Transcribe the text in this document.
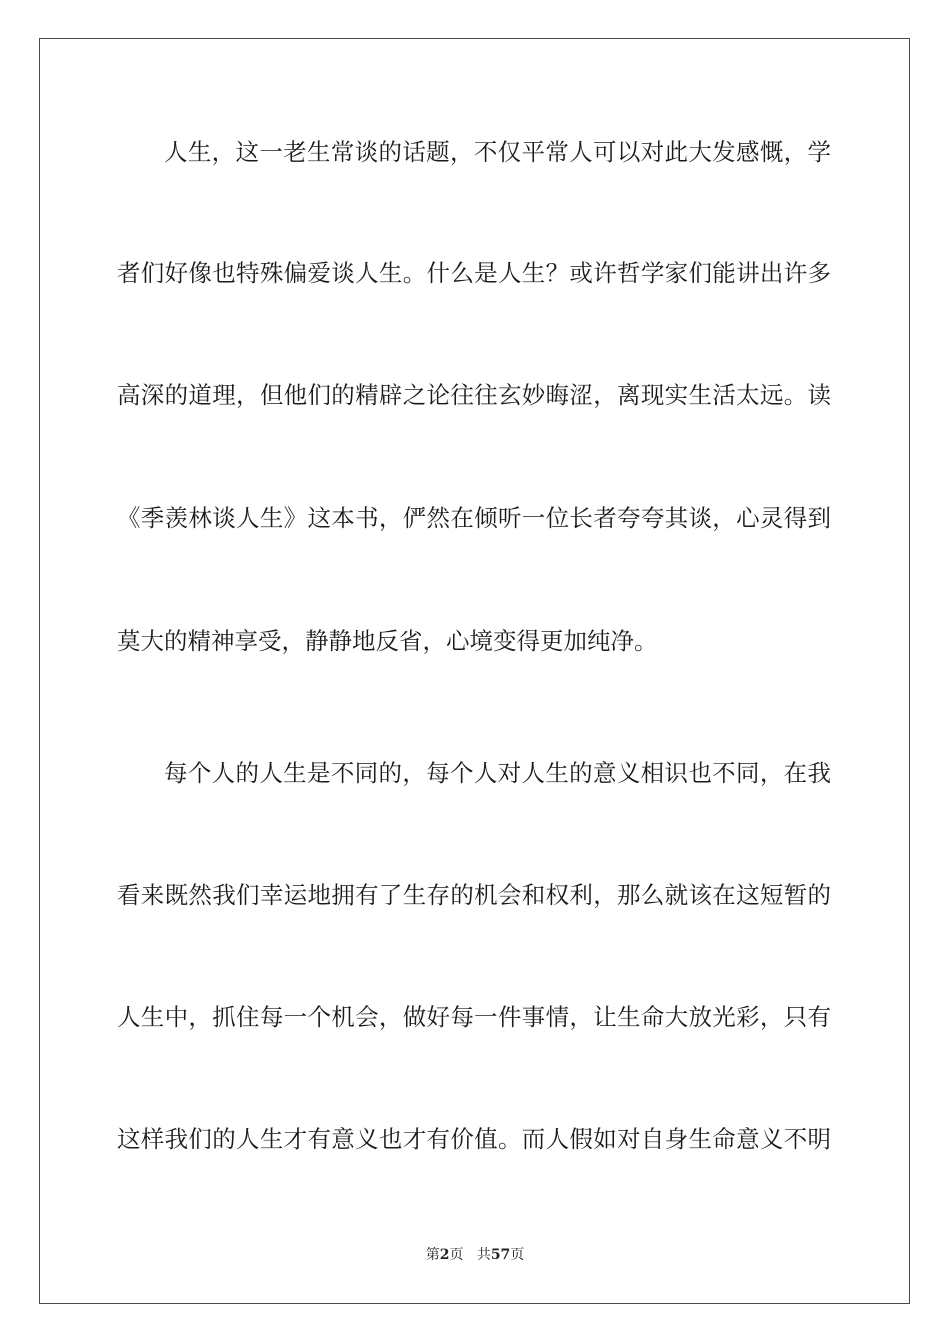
人生，这一老生常谈的话题，不仅平常人可以对此大发感慨，学
者们好像也特殊偏爱谈人生。什么是人生？或许哲学家们能讲出许多
高深的道理，但他们的精辟之论往往玄妙晦涩，离现实生活太远。读
《季羡林谈人生》这本书，俨然在倾听一位长者夸夸其谈，心灵得到
莫大的精神享受，静静地反省，心境变得更加纯净。
每个人的人生是不同的，每个人对人生的意义相识也不同，在我
看来既然我们幸运地拥有了生存的机会和权利，那么就该在这短暂的
人生中，抓住每一个机会，做好每一件事情，让生命大放光彩，只有
这样我们的人生才有意义也才有价值。而人假如对自身生命意义不明
第2页 共57页
